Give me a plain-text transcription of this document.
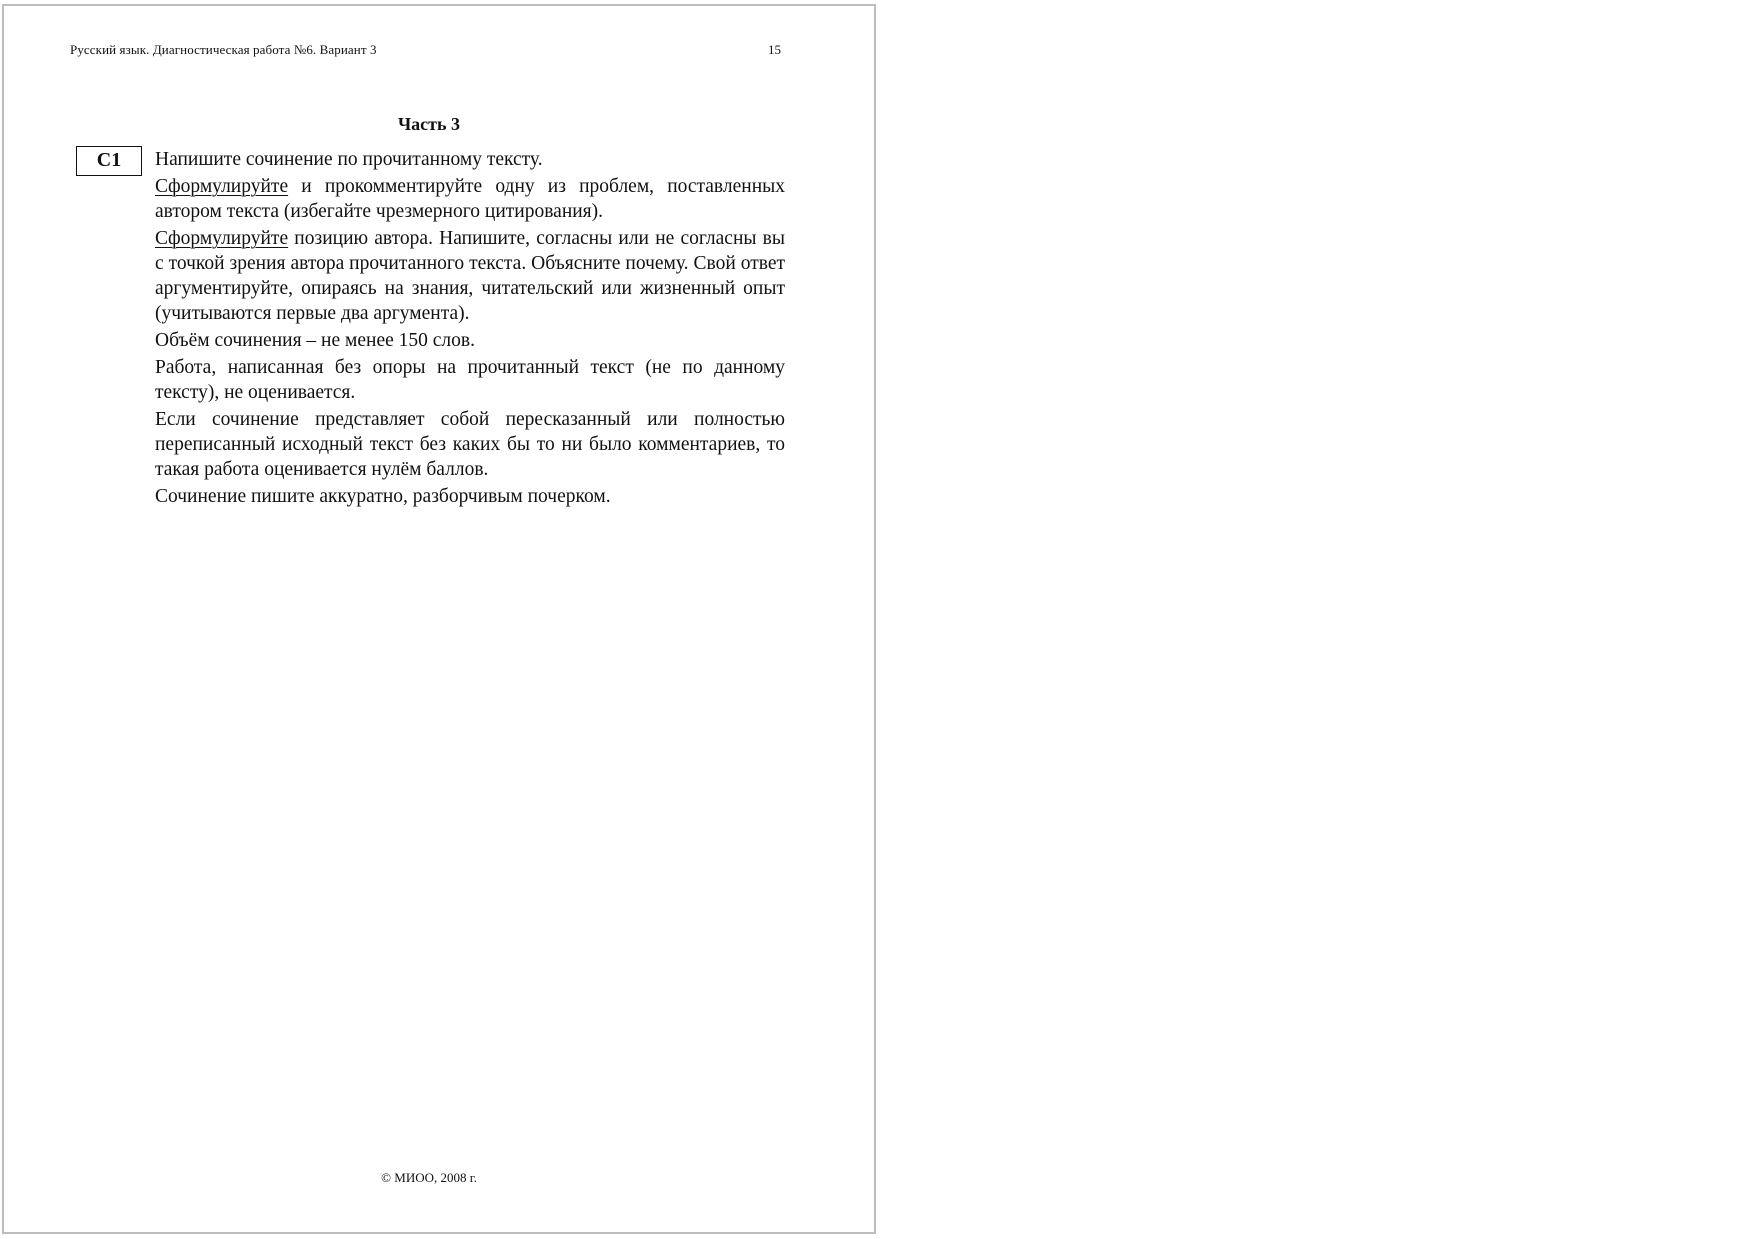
Русский язык. Диагностическая работа №6. Вариант 3	15
Часть 3
С1	Напишите сочинение по прочитанному тексту.

Сформулируйте и прокомментируйте одну из проблем, поставленных автором текста (избегайте чрезмерного цитирования).

Сформулируйте позицию автора. Напишите, согласны или не согласны вы с точкой зрения автора прочитанного текста. Объясните почему. Свой ответ аргументируйте, опираясь на знания, читательский или жизненный опыт (учитываются первые два аргумента).

Объём сочинения – не менее 150 слов.

Работа, написанная без опоры на прочитанный текст (не по данному тексту), не оценивается.

Если сочинение представляет собой пересказанный или полностью переписанный исходный текст без каких бы то ни было комментариев, то такая работа оценивается нулём баллов.

Сочинение пишите аккуратно, разборчивым почерком.

© МИОО, 2008 г.
